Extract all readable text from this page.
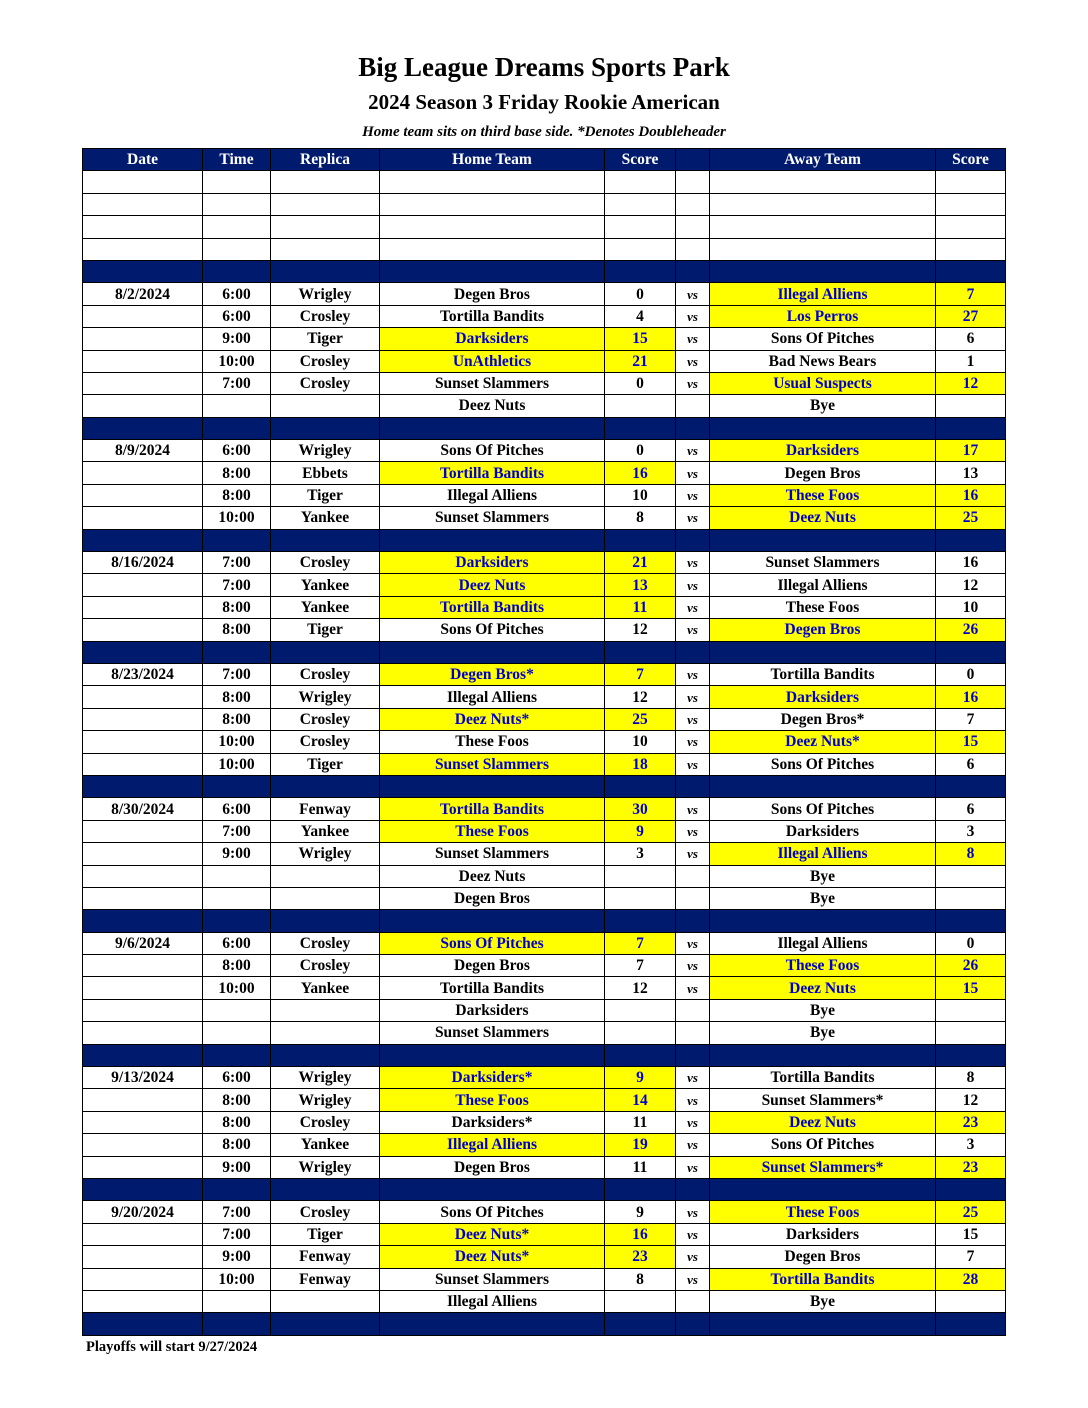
Big League Dreams Sports Park
2024 Season 3 Friday Rookie American
Home team sits on third base side. *Denotes Doubleheader
Date	Time	Replica	Home Team	Score		Away Team	Score

8/2/2024	6:00	Wrigley	Degen Bros	0	vs	Illegal Alliens	7
	6:00	Crosley	Tortilla Bandits	4	vs	Los Perros	27
	9:00	Tiger	Darksiders	15	vs	Sons Of Pitches	6
	10:00	Crosley	UnAthletics	21	vs	Bad News Bears	1
	7:00	Crosley	Sunset Slammers	0	vs	Usual Suspects	12
			Deez Nuts			Bye	

8/9/2024	6:00	Wrigley	Sons Of Pitches	0	vs	Darksiders	17
	8:00	Ebbets	Tortilla Bandits	16	vs	Degen Bros	13
	8:00	Tiger	Illegal Alliens	10	vs	These Foos	16
	10:00	Yankee	Sunset Slammers	8	vs	Deez Nuts	25

8/16/2024	7:00	Crosley	Darksiders	21	vs	Sunset Slammers	16
	7:00	Yankee	Deez Nuts	13	vs	Illegal Alliens	12
	8:00	Yankee	Tortilla Bandits	11	vs	These Foos	10
	8:00	Tiger	Sons Of Pitches	12	vs	Degen Bros	26

8/23/2024	7:00	Crosley	Degen Bros*	7	vs	Tortilla Bandits	0
	8:00	Wrigley	Illegal Alliens	12	vs	Darksiders	16
	8:00	Crosley	Deez Nuts*	25	vs	Degen Bros*	7
	10:00	Crosley	These Foos	10	vs	Deez Nuts*	15
	10:00	Tiger	Sunset Slammers	18	vs	Sons Of Pitches	6

8/30/2024	6:00	Fenway	Tortilla Bandits	30	vs	Sons Of Pitches	6
	7:00	Yankee	These Foos	9	vs	Darksiders	3
	9:00	Wrigley	Sunset Slammers	3	vs	Illegal Alliens	8
			Deez Nuts			Bye	
			Degen Bros			Bye	

9/6/2024	6:00	Crosley	Sons Of Pitches	7	vs	Illegal Alliens	0
	8:00	Crosley	Degen Bros	7	vs	These Foos	26
	10:00	Yankee	Tortilla Bandits	12	vs	Deez Nuts	15
			Darksiders			Bye	
			Sunset Slammers			Bye	

9/13/2024	6:00	Wrigley	Darksiders*	9	vs	Tortilla Bandits	8
	8:00	Wrigley	These Foos	14	vs	Sunset Slammers*	12
	8:00	Crosley	Darksiders*	11	vs	Deez Nuts	23
	8:00	Yankee	Illegal Alliens	19	vs	Sons Of Pitches	3
	9:00	Wrigley	Degen Bros	11	vs	Sunset Slammers*	23

9/20/2024	7:00	Crosley	Sons Of Pitches	9	vs	These Foos	25
	7:00	Tiger	Deez Nuts*	16	vs	Darksiders	15
	9:00	Fenway	Deez Nuts*	23	vs	Degen Bros	7
	10:00	Fenway	Sunset Slammers	8	vs	Tortilla Bandits	28
			Illegal Alliens			Bye	

Playoffs will start 9/27/2024
